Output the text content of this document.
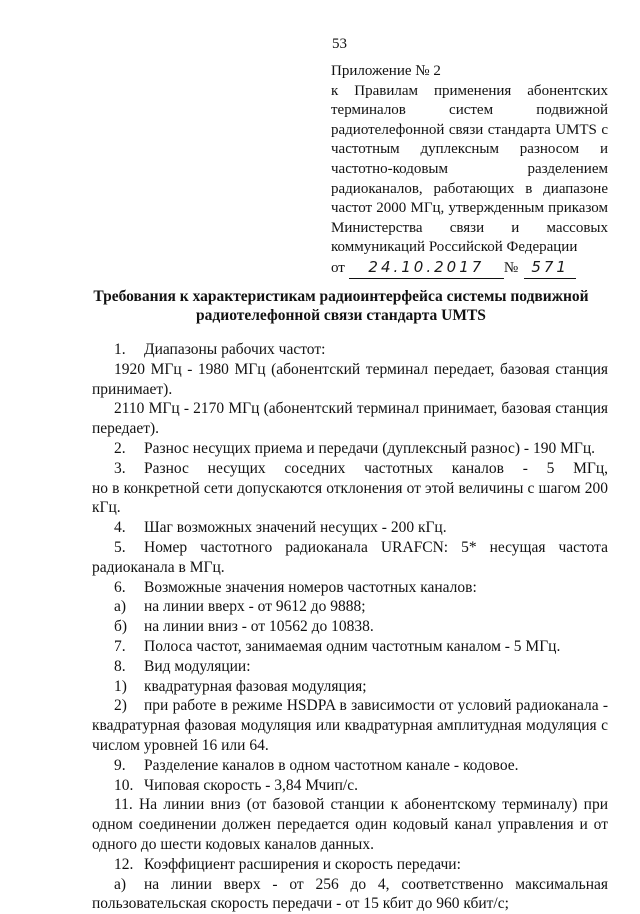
53
Приложение № 2
к Правилам применения абонентских терминалов систем подвижной радиотелефонной связи стандарта UMTS с частотным дуплексным разносом и частотно-кодовым разделением радиоканалов, работающих в диапазоне частот 2000 МГц, утвержденным приказом Министерства связи и массовых коммуникаций Российской Федерации
от	24.10.2017	№ 571
Требования к характеристикам радиоинтерфейса системы подвижной радиотелефонной связи стандарта UMTS
1.	Диапазоны рабочих частот:

1920 МГц - 1980 МГц (абонентский терминал передает, базовая станция принимает).

2110 МГц - 2170 МГц (абонентский терминал принимает, базовая станция передает).

2.	Разнос несущих приема и передачи (дуплексный разнос) - 190 МГц.
3.	Разнос несущих соседних частотных каналов - 5 МГц,

но в конкретной сети допускаются отклонения от этой величины с шагом 200 кГц.

4.	Шаг возможных значений несущих - 200 кГц.
5.	Номер частотного радиоканала URAFCN: 5* несущая частота

радиоканала в МГц.

6.	Возможные значения номеров частотных каналов:
а)	на линии вверх - от 9612 до 9888;
б)	на линии вниз - от 10562 до 10838.
7.	Полоса частот, занимаемая одним частотным каналом - 5 МГц.
8.	Вид модуляции:
1)	квадратурная фазовая модуляция;
2)	при работе в режиме HSDPA в зависимости от условий радиоканала -

квадратурная фазовая модуляция или квадратурная амплитудная модуляция с числом уровней 16 или 64.

9.	Разделение каналов в одном частотном канале - кодовое.
10. Чиповая скорость - 3,84 Мчип/с.

11. На линии вниз (от базовой станции к абонентскому терминалу) при одном соединении должен передается один кодовый канал управления и от одного до шести кодовых каналов данных.

12. Коэффициент расширения и скорость передачи:
а)	на линии вверх - от 256 до 4, соответственно максимальная

пользовательская скорость передачи - от 15 кбит до 960 кбит/с;
